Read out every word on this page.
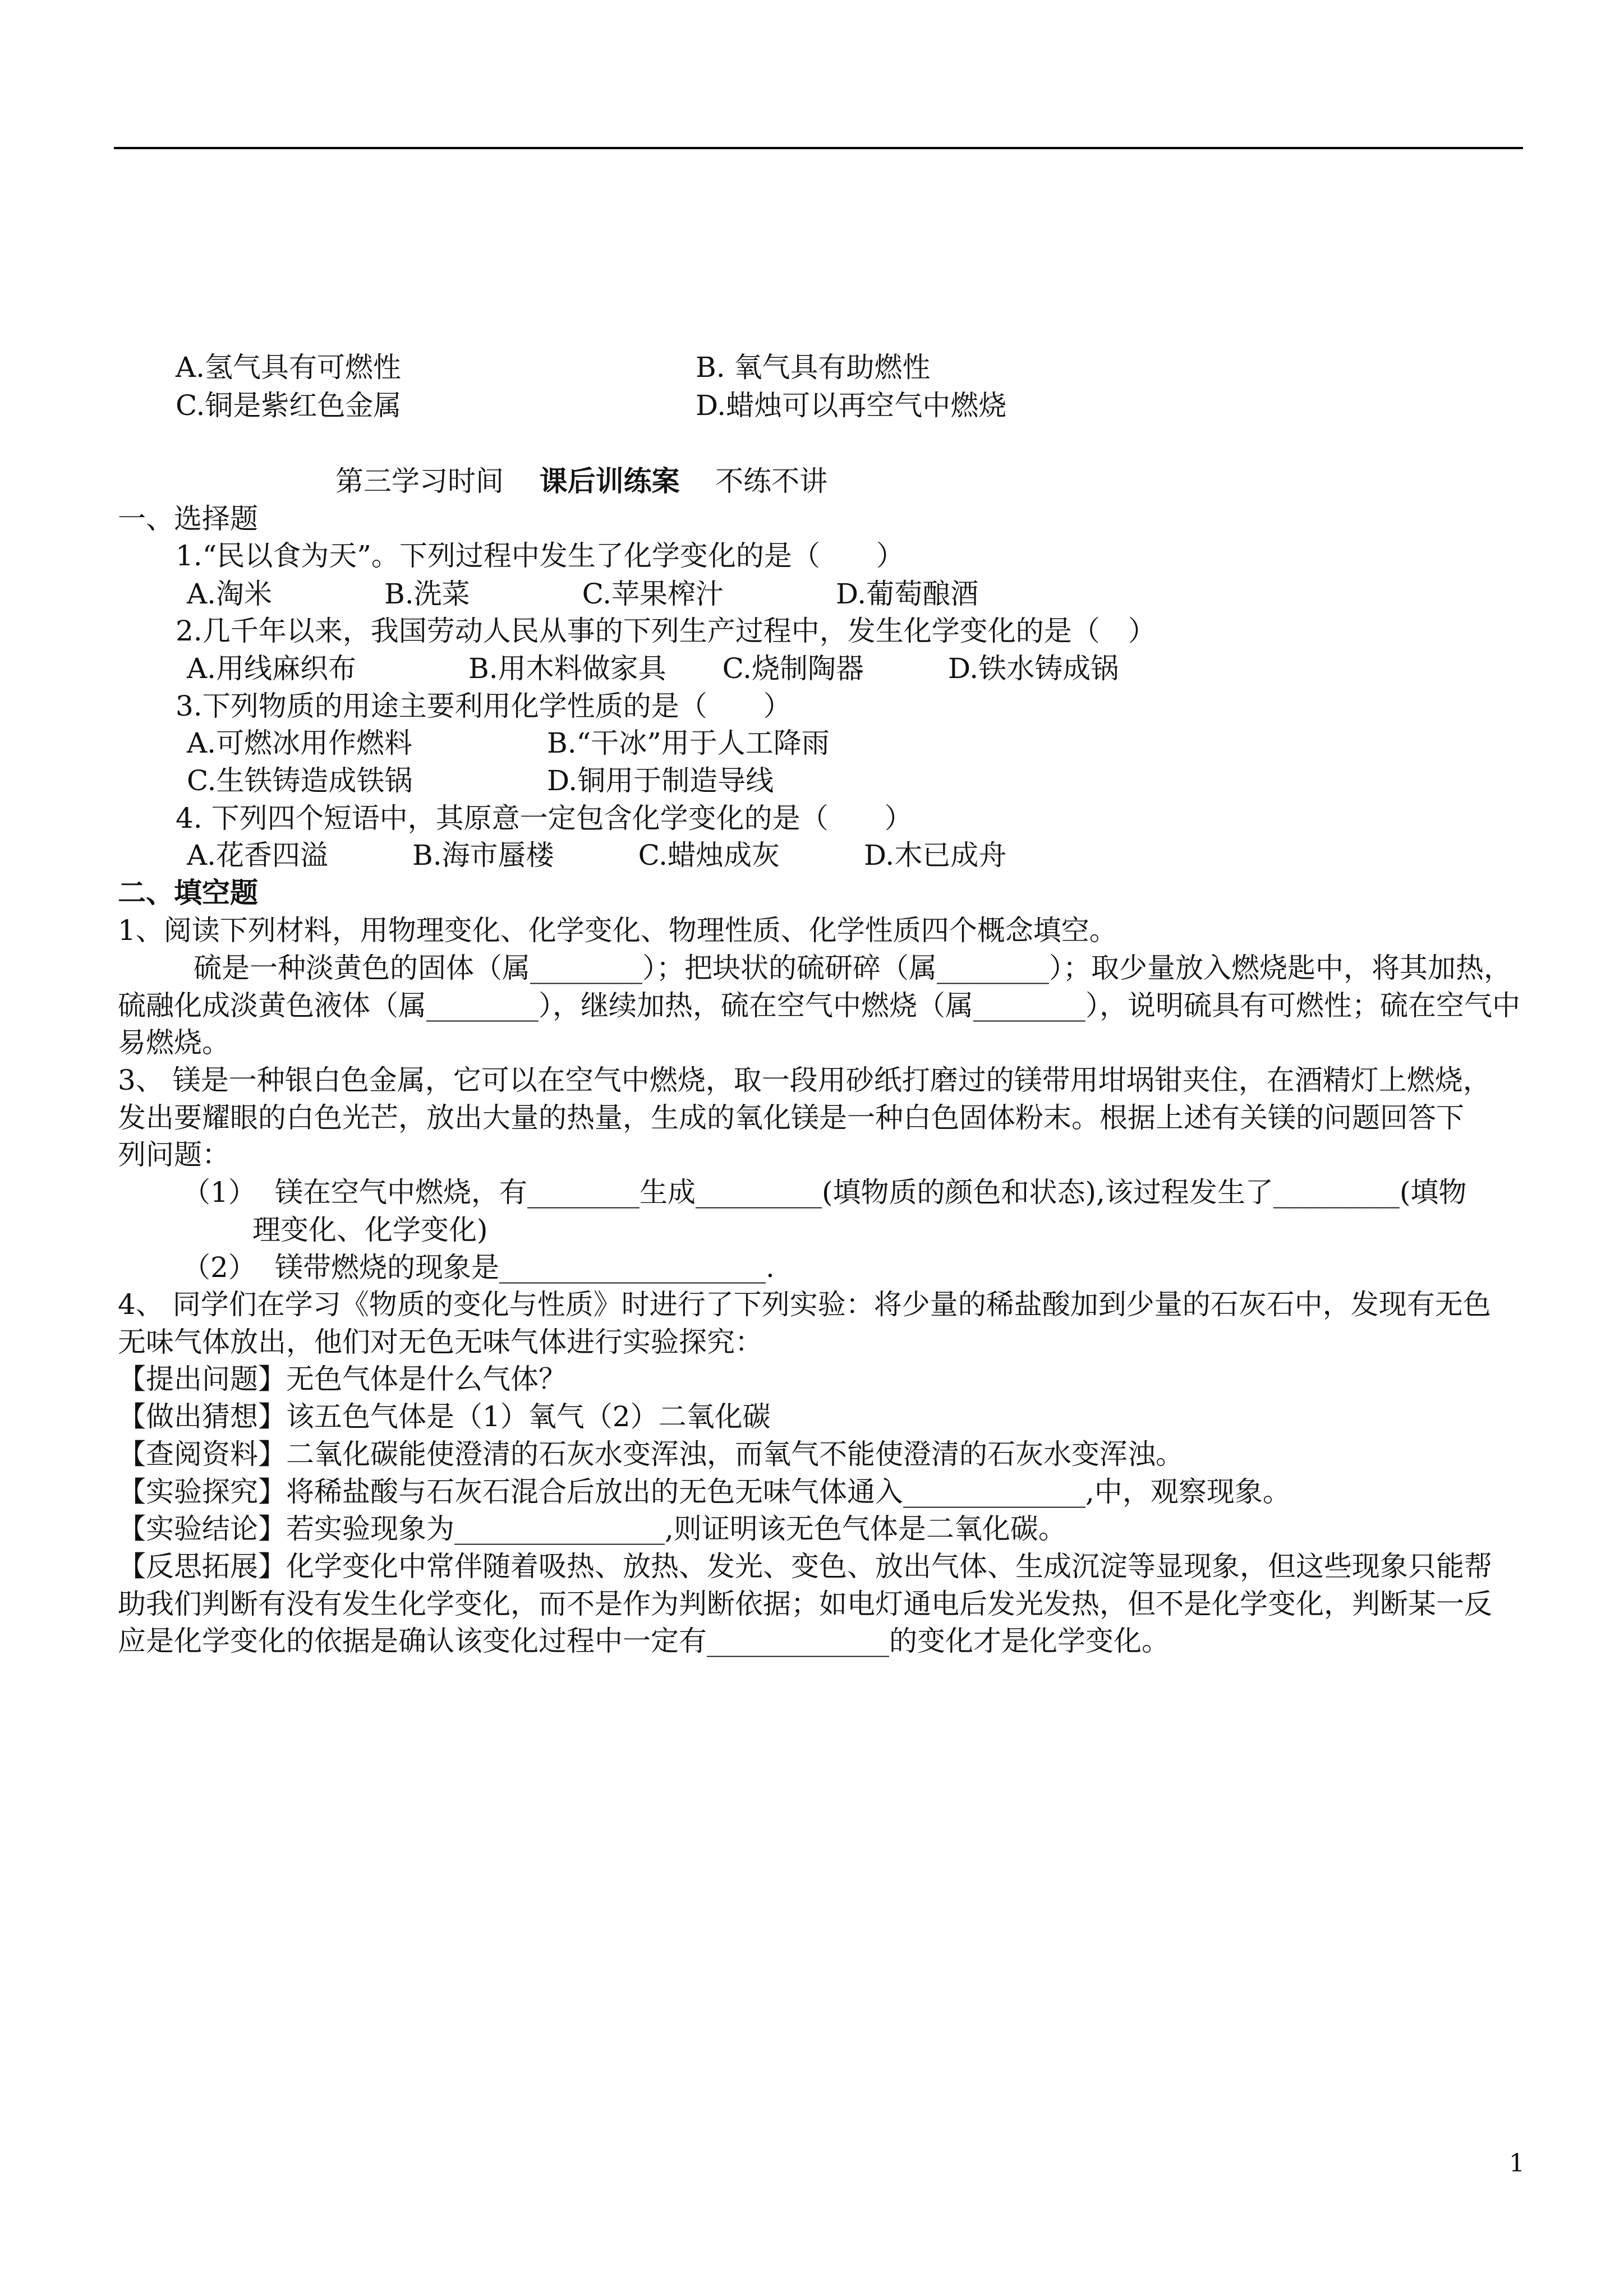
A.氢气具有可燃性	B. 氧气具有助燃性
C.铜是紫红色金属	D.蜡烛可以再空气中燃烧
第三学习时间 课后训练案 不练不讲
一、选择题
1.“民以食为天”。下列过程中发生了化学变化的是（　　）
A.淘米　　　　B.洗菜　　　　C.苹果榨汁　　　　D.葡萄酿酒
2.几千年以来，我国劳动人民从事的下列生产过程中，发生化学变化的是（　）
A.用线麻织布　　　　B.用木料做家具　　C.烧制陶器　　　D.铁水铸成锅
3.下列物质的用途主要利用化学性质的是（　　）
A.可燃冰用作燃料	B.“干冰”用于人工降雨
C.生铁铸造成铁锅	D.铜用于制造导线
4. 下列四个短语中，其原意一定包含化学变化的是（　　）
A.花香四溢　　　B.海市蜃楼　　　C.蜡烛成灰　　　D.木已成舟
二、填空题
1、阅读下列材料，用物理变化、化学变化、物理性质、化学性质四个概念填空。
硫是一种淡黄色的固体（属________）；把块状的硫研碎（属________）；取少量放入燃烧匙中，将其加热，
硫融化成淡黄色液体（属________），继续加热，硫在空气中燃烧（属________），说明硫具有可燃性；硫在空气中
易燃烧。
3、 镁是一种银白色金属，它可以在空气中燃烧，取一段用砂纸打磨过的镁带用坩埚钳夹住，在酒精灯上燃烧，
发出要耀眼的白色光芒，放出大量的热量，生成的氧化镁是一种白色固体粉末。根据上述有关镁的问题回答下
列问题：
（1） 镁在空气中燃烧，有________生成_________(填物质的颜色和状态),该过程发生了_________(填物
理变化、化学变化)
（2） 镁带燃烧的现象是___________________.
4、 同学们在学习《物质的变化与性质》时进行了下列实验：将少量的稀盐酸加到少量的石灰石中，发现有无色
无味气体放出，他们对无色无味气体进行实验探究：
【提出问题】无色气体是什么气体？
【做出猜想】该五色气体是（1）氧气（2）二氧化碳
【查阅资料】二氧化碳能使澄清的石灰水变浑浊，而氧气不能使澄清的石灰水变浑浊。
【实验探究】将稀盐酸与石灰石混合后放出的无色无味气体通入_____________,中，观察现象。
【实验结论】若实验现象为_______________,则证明该无色气体是二氧化碳。
【反思拓展】化学变化中常伴随着吸热、放热、发光、变色、放出气体、生成沉淀等显现象，但这些现象只能帮
助我们判断有没有发生化学变化，而不是作为判断依据；如电灯通电后发光发热，但不是化学变化，判断某一反
应是化学变化的依据是确认该变化过程中一定有_____________的变化才是化学变化。
1
